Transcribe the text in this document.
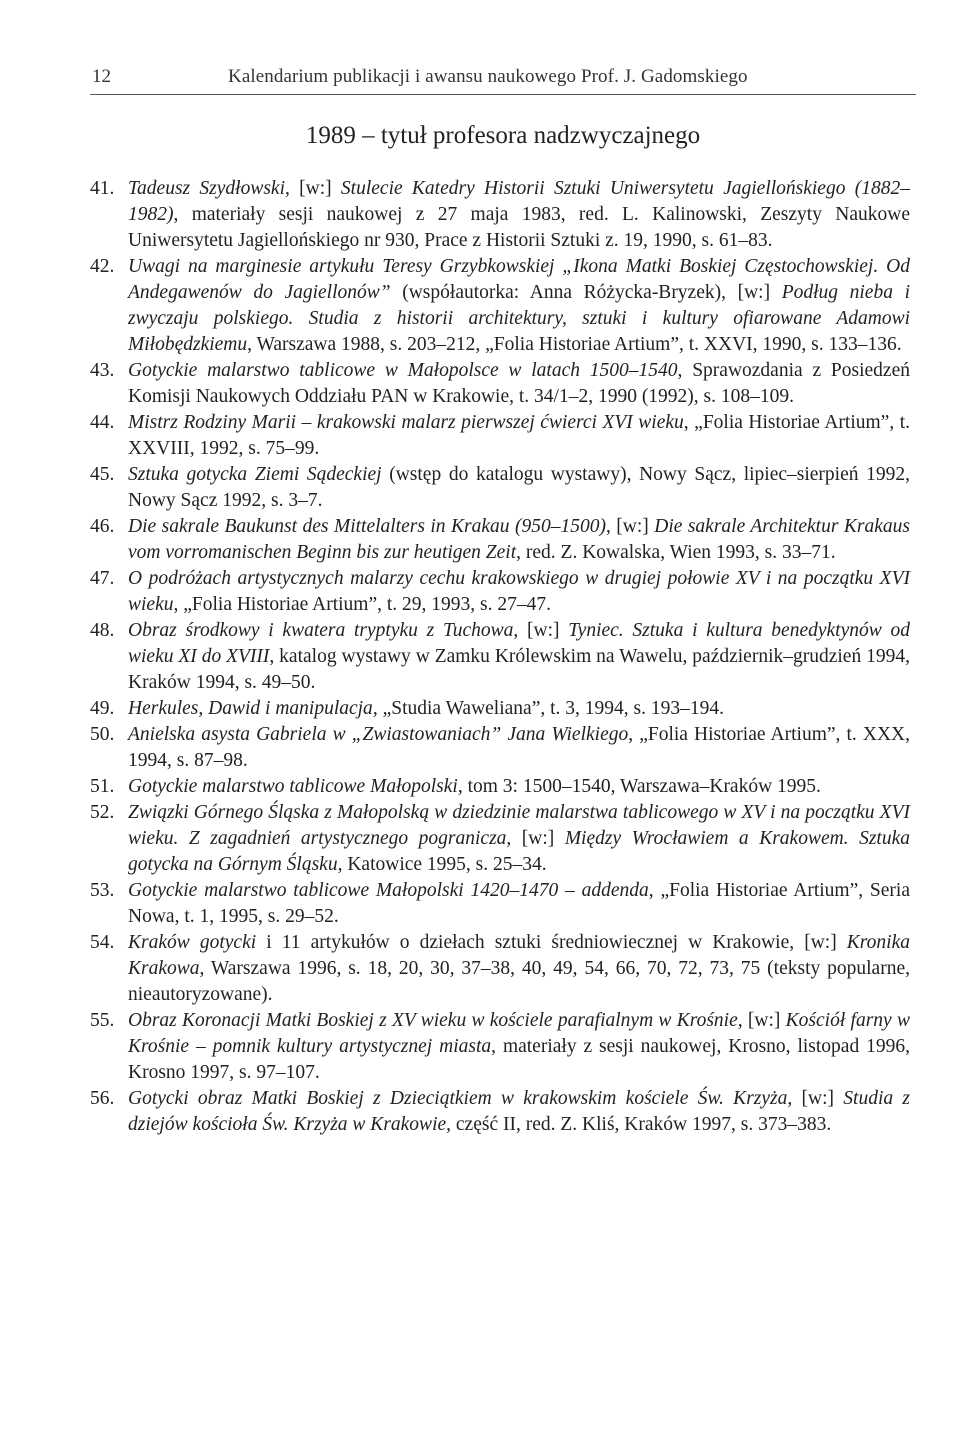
12	Kalendarium publikacji i awansu naukowego Prof. J. Gadomskiego
1989 – tytuł profesora nadzwyczajnego
41. Tadeusz Szydłowski, [w:] Stulecie Katedry Historii Sztuki Uniwersytetu Jagiellońskiego (1882–1982), materiały sesji naukowej z 27 maja 1983, red. L. Kalinowski, Zeszyty Naukowe Uniwersytetu Jagiellońskiego nr 930, Prace z Historii Sztuki z. 19, 1990, s. 61–83.
42. Uwagi na marginesie artykułu Teresy Grzybkowskiej „Ikona Matki Boskiej Częstochowskiej. Od Andegawenów do Jagiellonów” (współautorka: Anna Różycka-Bryzek), [w:] Podług nieba i zwyczaju polskiego. Studia z historii architektury, sztuki i kultury ofiarowane Adamowi Miłobędzkiemu, Warszawa 1988, s. 203–212, „Folia Historiae Artium”, t. XXVI, 1990, s. 133–136.
43. Gotyckie malarstwo tablicowe w Małopolsce w latach 1500–1540, Sprawozdania z Posiedzeń Komisji Naukowych Oddziału PAN w Krakowie, t. 34/1–2, 1990 (1992), s. 108–109.
44. Mistrz Rodziny Marii – krakowski malarz pierwszej ćwierci XVI wieku, „Folia Historiae Artium”, t. XXVIII, 1992, s. 75–99.
45. Sztuka gotycka Ziemi Sądeckiej (wstęp do katalogu wystawy), Nowy Sącz, lipiec–sierpień 1992, Nowy Sącz 1992, s. 3–7.
46. Die sakrale Baukunst des Mittelalters in Krakau (950–1500), [w:] Die sakrale Architektur Krakaus vom vorromanischen Beginn bis zur heutigen Zeit, red. Z. Kowalska, Wien 1993, s. 33–71.
47. O podróżach artystycznych malarzy cechu krakowskiego w drugiej połowie XV i na początku XVI wieku, „Folia Historiae Artium”, t. 29, 1993, s. 27–47.
48. Obraz środkowy i kwatera tryptyku z Tuchowa, [w:] Tyniec. Sztuka i kultura benedyktynów od wieku XI do XVIII, katalog wystawy w Zamku Królewskim na Wawelu, październik–grudzień 1994, Kraków 1994, s. 49–50.
49. Herkules, Dawid i manipulacja, „Studia Waweliana”, t. 3, 1994, s. 193–194.
50. Anielska asysta Gabriela w „Zwiastowaniach” Jana Wielkiego, „Folia Historiae Artium”, t. XXX, 1994, s. 87–98.
51. Gotyckie malarstwo tablicowe Małopolski, tom 3: 1500–1540, Warszawa–Kraków 1995.
52. Związki Górnego Śląska z Małopolską w dziedzinie malarstwa tablicowego w XV i na początku XVI wieku. Z zagadnień artystycznego pogranicza, [w:] Między Wrocławiem a Krakowem. Sztuka gotycka na Górnym Śląsku, Katowice 1995, s. 25–34.
53. Gotyckie malarstwo tablicowe Małopolski 1420–1470 – addenda, „Folia Historiae Artium”, Seria Nowa, t. 1, 1995, s. 29–52.
54. Kraków gotycki i 11 artykułów o dziełach sztuki średniowiecznej w Krakowie, [w:] Kronika Krakowa, Warszawa 1996, s. 18, 20, 30, 37–38, 40, 49, 54, 66, 70, 72, 73, 75 (teksty popularne, nieautoryzowane).
55. Obraz Koronacji Matki Boskiej z XV wieku w kościele parafialnym w Krośnie, [w:] Kościół farny w Krośnie – pomnik kultury artystycznej miasta, materiały z sesji naukowej, Krosno, listopad 1996, Krosno 1997, s. 97–107.
56. Gotycki obraz Matki Boskiej z Dzieciątkiem w krakowskim kościele Św. Krzyża, [w:] Studia z dziejów kościoła Św. Krzyża w Krakowie, część II, red. Z. Kliś, Kraków 1997, s. 373–383.
